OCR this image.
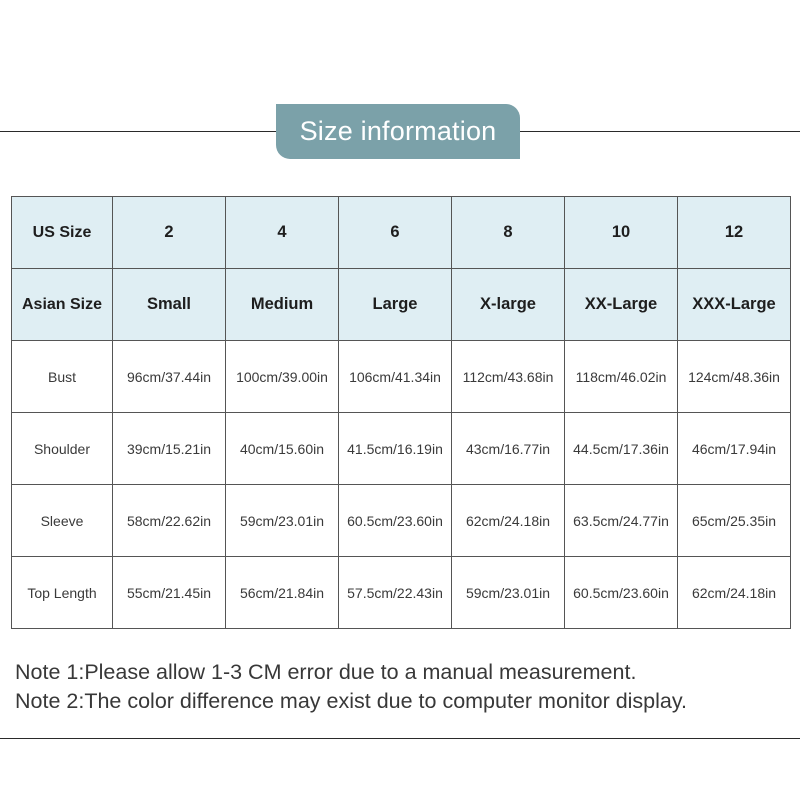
Size information
US Size	2	4	6	8	10	12
Asian Size	Small	Medium	Large	X-large	XX-Large	XXX-Large
Bust	96cm/37.44in	100cm/39.00in	106cm/41.34in	112cm/43.68in	118cm/46.02in	124cm/48.36in
Shoulder	39cm/15.21in	40cm/15.60in	41.5cm/16.19in	43cm/16.77in	44.5cm/17.36in	46cm/17.94in
Sleeve	58cm/22.62in	59cm/23.01in	60.5cm/23.60in	62cm/24.18in	63.5cm/24.77in	65cm/25.35in
Top Length	55cm/21.45in	56cm/21.84in	57.5cm/22.43in	59cm/23.01in	60.5cm/23.60in	62cm/24.18in
Note 1:Please allow 1-3 CM error due to a manual measurement.
Note 2:The color difference may exist due to computer monitor display.
